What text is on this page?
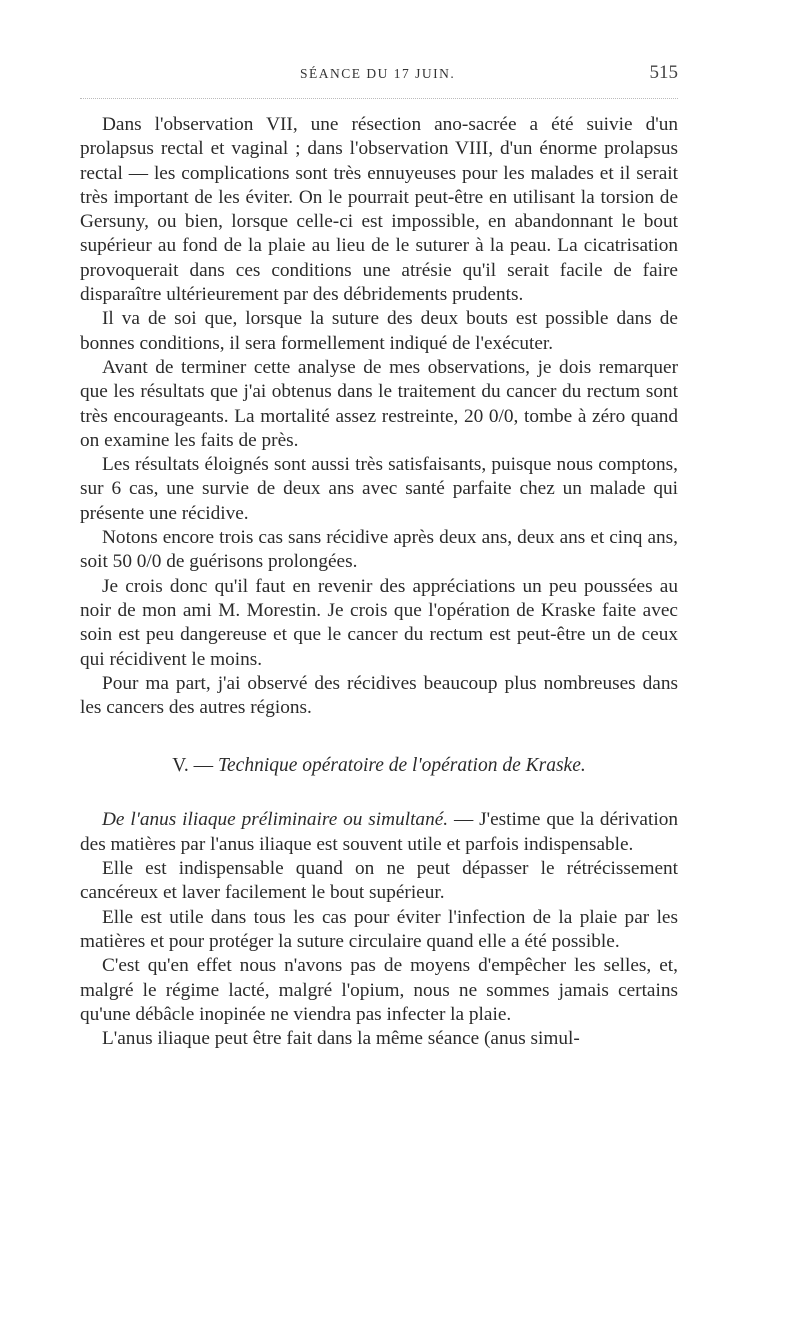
SÉANCE DU 17 JUIN.	515

Dans l'observation VII, une résection ano-sacrée a été suivie d'un prolapsus rectal et vaginal ; dans l'observation VIII, d'un énorme prolapsus rectal — les complications sont très ennuyeuses pour les malades et il serait très important de les éviter. On le pourrait peut-être en utilisant la torsion de Gersuny, ou bien, lorsque celle-ci est impossible, en abandonnant le bout supérieur au fond de la plaie au lieu de le suturer à la peau. La cicatrisation provoquerait dans ces conditions une atrésie qu'il serait facile de faire disparaître ultérieurement par des débridements prudents.

Il va de soi que, lorsque la suture des deux bouts est possible dans de bonnes conditions, il sera formellement indiqué de l'exécuter.

Avant de terminer cette analyse de mes observations, je dois remarquer que les résultats que j'ai obtenus dans le traitement du cancer du rectum sont très encourageants. La mortalité assez restreinte, 20 0/0, tombe à zéro quand on examine les faits de près.

Les résultats éloignés sont aussi très satisfaisants, puisque nous comptons, sur 6 cas, une survie de deux ans avec santé parfaite chez un malade qui présente une récidive.

Notons encore trois cas sans récidive après deux ans, deux ans et cinq ans, soit 50 0/0 de guérisons prolongées.

Je crois donc qu'il faut en revenir des appréciations un peu poussées au noir de mon ami M. Morestin. Je crois que l'opération de Kraske faite avec soin est peu dangereuse et que le cancer du rectum est peut-être un de ceux qui récidivent le moins.

Pour ma part, j'ai observé des récidives beaucoup plus nombreuses dans les cancers des autres régions.

V. — Technique opératoire de l'opération de Kraske.

De l'anus iliaque préliminaire ou simultané. — J'estime que la dérivation des matières par l'anus iliaque est souvent utile et parfois indispensable.

Elle est indispensable quand on ne peut dépasser le rétrécissement cancéreux et laver facilement le bout supérieur.

Elle est utile dans tous les cas pour éviter l'infection de la plaie par les matières et pour protéger la suture circulaire quand elle a été possible.

C'est qu'en effet nous n'avons pas de moyens d'empêcher les selles, et, malgré le régime lacté, malgré l'opium, nous ne sommes jamais certains qu'une débâcle inopinée ne viendra pas infecter la plaie.

L'anus iliaque peut être fait dans la même séance (anus simul-
